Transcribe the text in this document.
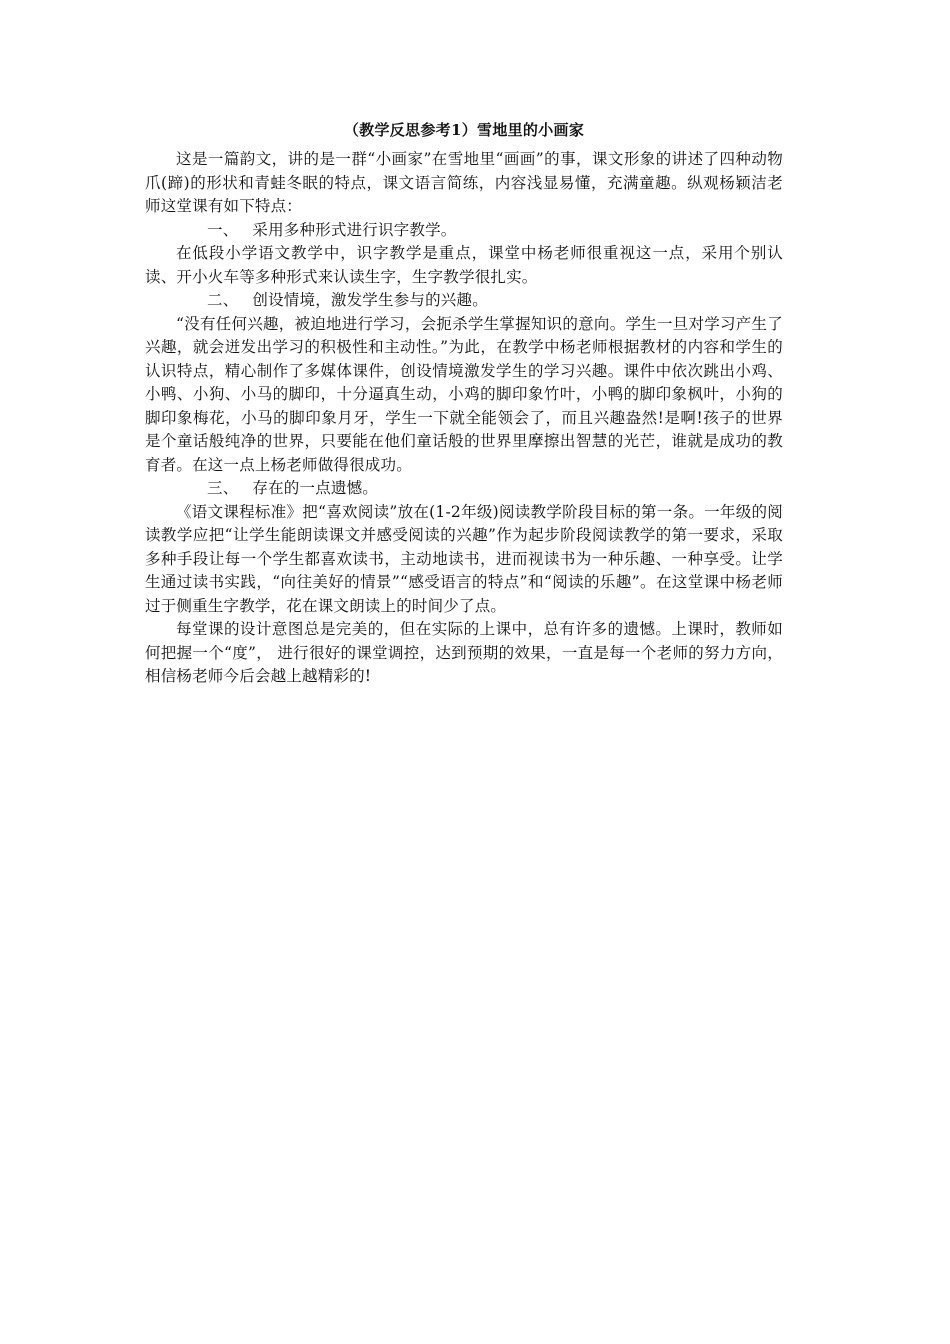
（教学反思参考1）雪地里的小画家

这是一篇韵文，讲的是一群“小画家”在雪地里“画画”的事，课文形象的讲述了四种动物爪(蹄)的形状和青蛙冬眠的特点，课文语言简练，内容浅显易懂，充满童趣。纵观杨颖洁老师这堂课有如下特点：

一、 采用多种形式进行识字教学。

在低段小学语文教学中，识字教学是重点，课堂中杨老师很重视这一点，采用个别认读、开小火车等多种形式来认读生字，生字教学很扎实。

二、 创设情境，激发学生参与的兴趣。

“没有任何兴趣，被迫地进行学习，会扼杀学生掌握知识的意向。学生一旦对学习产生了兴趣，就会迸发出学习的积极性和主动性。”为此，在教学中杨老师根据教材的内容和学生的认识特点，精心制作了多媒体课件，创设情境激发学生的学习兴趣。课件中依次跳出小鸡、小鸭、小狗、小马的脚印，十分逼真生动，小鸡的脚印象竹叶，小鸭的脚印象枫叶，小狗的脚印象梅花，小马的脚印象月牙，学生一下就全能领会了，而且兴趣盎然!是啊!孩子的世界是个童话般纯净的世界，只要能在他们童话般的世界里摩擦出智慧的光芒，谁就是成功的教育者。在这一点上杨老师做得很成功。

三、 存在的一点遗憾。

《语文课程标准》把“喜欢阅读”放在(1-2年级)阅读教学阶段目标的第一条。一年级的阅读教学应把“让学生能朗读课文并感受阅读的兴趣”作为起步阶段阅读教学的第一要求，采取多种手段让每一个学生都喜欢读书，主动地读书，进而视读书为一种乐趣、一种享受。让学生通过读书实践，“向往美好的情景”“感受语言的特点”和“阅读的乐趣”。在这堂课中杨老师过于侧重生字教学，花在课文朗读上的时间少了点。

每堂课的设计意图总是完美的，但在实际的上课中，总有许多的遗憾。上课时，教师如何把握一个“度”， 进行很好的课堂调控，达到预期的效果，一直是每一个老师的努力方向，相信杨老师今后会越上越精彩的!
